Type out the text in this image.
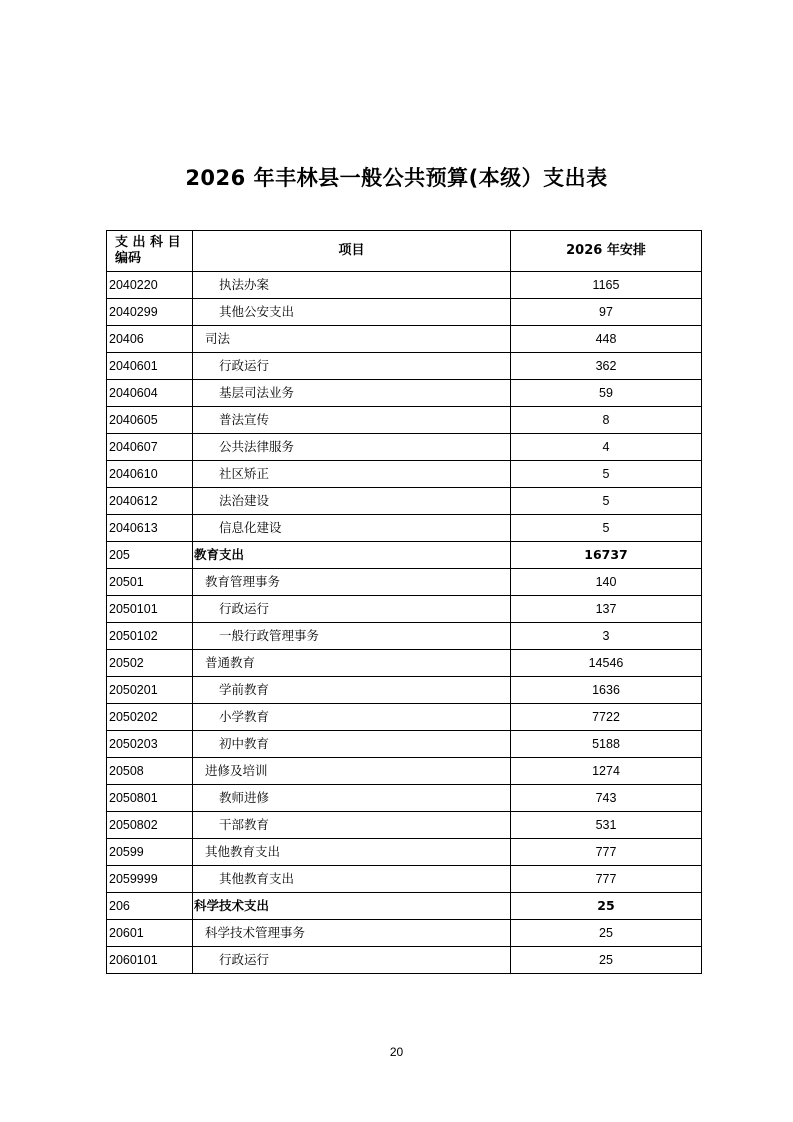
2026 年丰林县一般公共预算(本级）支出表
支 出 科 目
编码	项目	2026 年安排
2040220	执法办案	1165
2040299	其他公安支出	97
20406	司法	448
2040601	行政运行	362
2040604	基层司法业务	59
2040605	普法宣传	8
2040607	公共法律服务	4
2040610	社区矫正	5
2040612	法治建设	5
2040613	信息化建设	5
205	教育支出	16737
20501	教育管理事务	140
2050101	行政运行	137
2050102	一般行政管理事务	3
20502	普通教育	14546
2050201	学前教育	1636
2050202	小学教育	7722
2050203	初中教育	5188
20508	进修及培训	1274
2050801	教师进修	743
2050802	干部教育	531
20599	其他教育支出	777
2059999	其他教育支出	777
206	科学技术支出	25
20601	科学技术管理事务	25
2060101	行政运行	25
20
